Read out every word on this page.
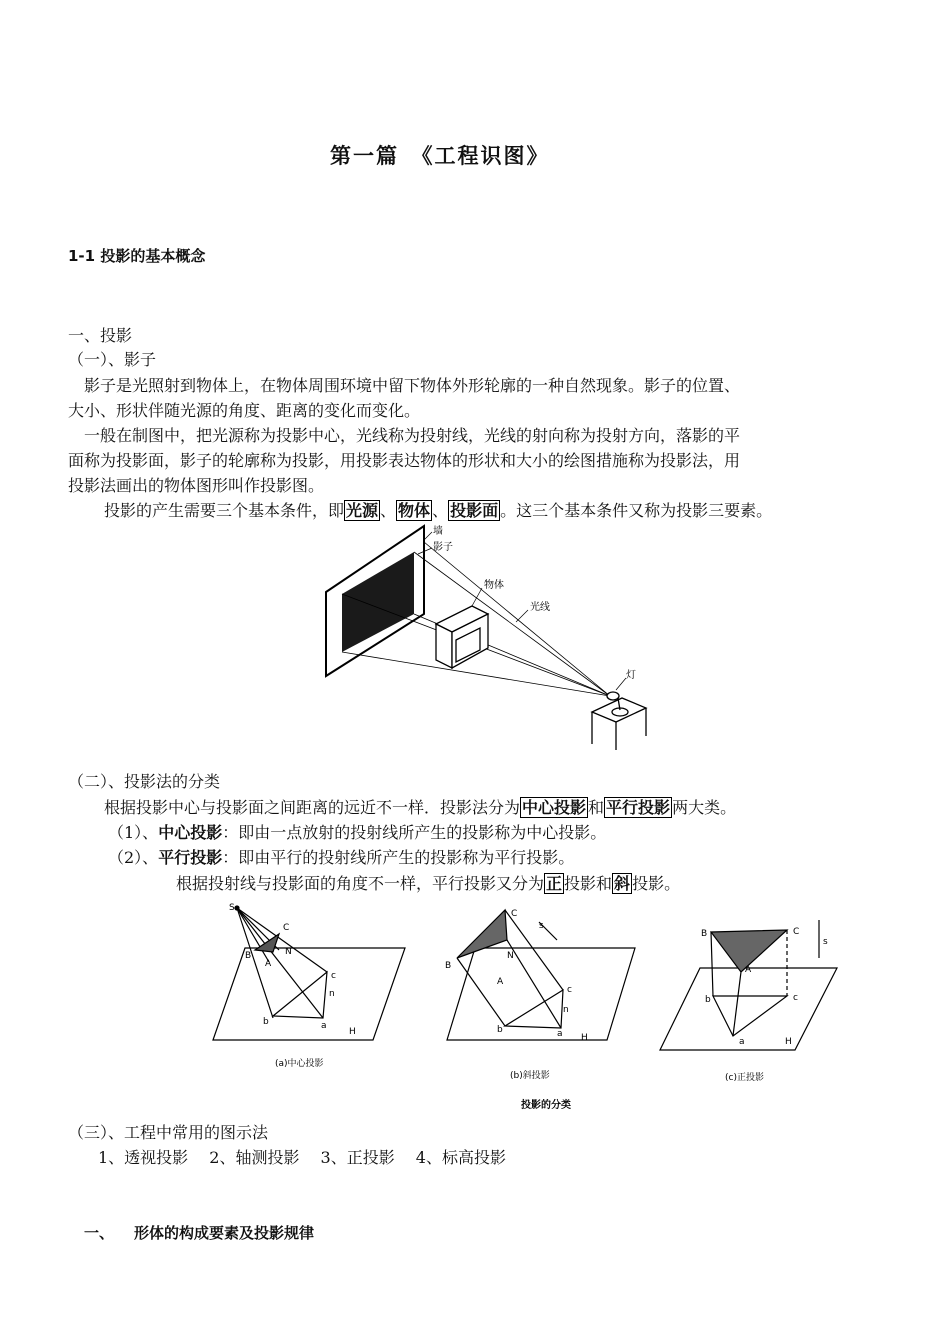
第一篇　《工程识图》
1-1 投影的基本概念
一、投影
（一）、影子
　影子是光照射到物体上，在物体周围环境中留下物体外形轮廓的一种自然现象。影子的位置、
大小、形状伴随光源的角度、距离的变化而变化。
　一般在制图中，把光源称为投影中心，光线称为投射线，光线的射向称为投射方向，落影的平
面称为投影面，影子的轮廓称为投影，用投影表达物体的形状和大小的绘图措施称为投影法，用
投影法画出的物体图形叫作投影图。
投影的产生需要三个基本条件，即 光源 、 物体 、 投影面 。这三个基本条件又称为投影三要素。
墙
影子
物体
光线
灯
（二）、投影法的分类
根据投影中心与投影面之间距离的远近不一样．投影法分为 中心投影 和 平行投影 两大类。
（1）、中心投影：即由一点放射的投射线所产生的投影称为中心投影。
（2）、平行投影：即由平行的投射线所产生的投影称为平行投影。
根据投射线与投影面的角度不一样，平行投影又分为 正 投影和 斜 投影。
S
C
B
A
N
c
n
b	a
H
C
B
A
N
s
c
n
b	a H
B	C
A
s
b	c
a	H
(a)中心投影
(b)斜投影	(c)正投影
投影的分类
（三）、工程中常用的图示法
1、透视投影　 2、轴测投影　 3、正投影　 4、标高投影
一、 形体的构成要素及投影规律
